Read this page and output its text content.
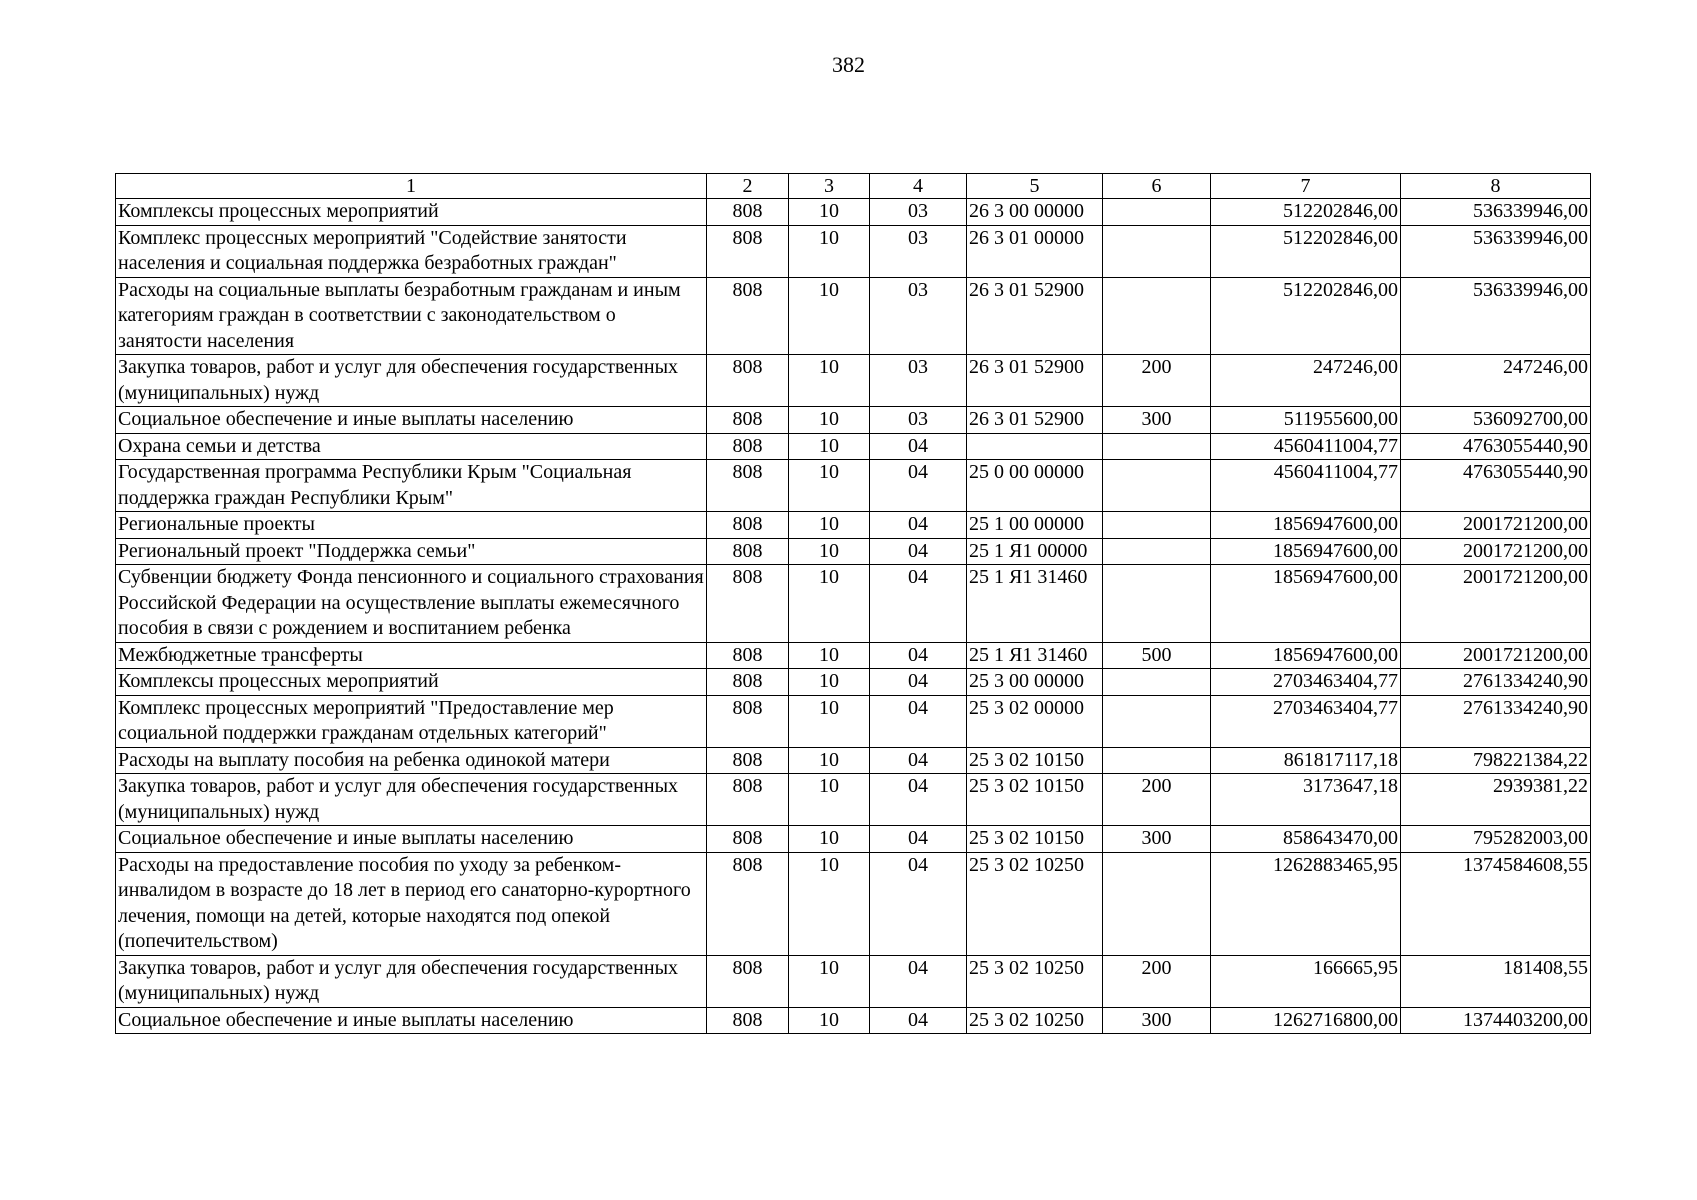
382
1	2	3	4	5	6	7	8
Комплексы процессных мероприятий	808	10	03	26 3 00 00000		512202846,00	536339946,00
Комплекс процессных мероприятий "Содействие занятости населения и социальная поддержка безработных граждан"	808	10	03	26 3 01 00000		512202846,00	536339946,00
Расходы на социальные выплаты безработным гражданам и иным категориям граждан в соответствии с законодательством о занятости населения	808	10	03	26 3 01 52900		512202846,00	536339946,00
Закупка товаров, работ и услуг для обеспечения государственных (муниципальных) нужд	808	10	03	26 3 01 52900	200	247246,00	247246,00
Социальное обеспечение и иные выплаты населению	808	10	03	26 3 01 52900	300	511955600,00	536092700,00
Охрана семьи и детства	808	10	04			4560411004,77	4763055440,90
Государственная программа Республики Крым "Социальная поддержка граждан Республики Крым"	808	10	04	25 0 00 00000		4560411004,77	4763055440,90
Региональные проекты	808	10	04	25 1 00 00000		1856947600,00	2001721200,00
Региональный проект "Поддержка семьи"	808	10	04	25 1 Я1 00000		1856947600,00	2001721200,00
Субвенции бюджету Фонда пенсионного и социального страхования Российской Федерации на осуществление выплаты ежемесячного пособия в связи с рождением и воспитанием ребенка	808	10	04	25 1 Я1 31460		1856947600,00	2001721200,00
Межбюджетные трансферты	808	10	04	25 1 Я1 31460	500	1856947600,00	2001721200,00
Комплексы процессных мероприятий	808	10	04	25 3 00 00000		2703463404,77	2761334240,90
Комплекс процессных мероприятий "Предоставление мер социальной поддержки гражданам отдельных категорий"	808	10	04	25 3 02 00000		2703463404,77	2761334240,90
Расходы на выплату пособия на ребенка одинокой матери	808	10	04	25 3 02 10150		861817117,18	798221384,22
Закупка товаров, работ и услуг для обеспечения государственных (муниципальных) нужд	808	10	04	25 3 02 10150	200	3173647,18	2939381,22
Социальное обеспечение и иные выплаты населению	808	10	04	25 3 02 10150	300	858643470,00	795282003,00
Расходы на предоставление пособия по уходу за ребенком-инвалидом в возрасте до 18 лет в период его санаторно-курортного лечения, помощи на детей, которые находятся под опекой (попечительством)	808	10	04	25 3 02 10250		1262883465,95	1374584608,55
Закупка товаров, работ и услуг для обеспечения государственных (муниципальных) нужд	808	10	04	25 3 02 10250	200	166665,95	181408,55
Социальное обеспечение и иные выплаты населению	808	10	04	25 3 02 10250	300	1262716800,00	1374403200,00
